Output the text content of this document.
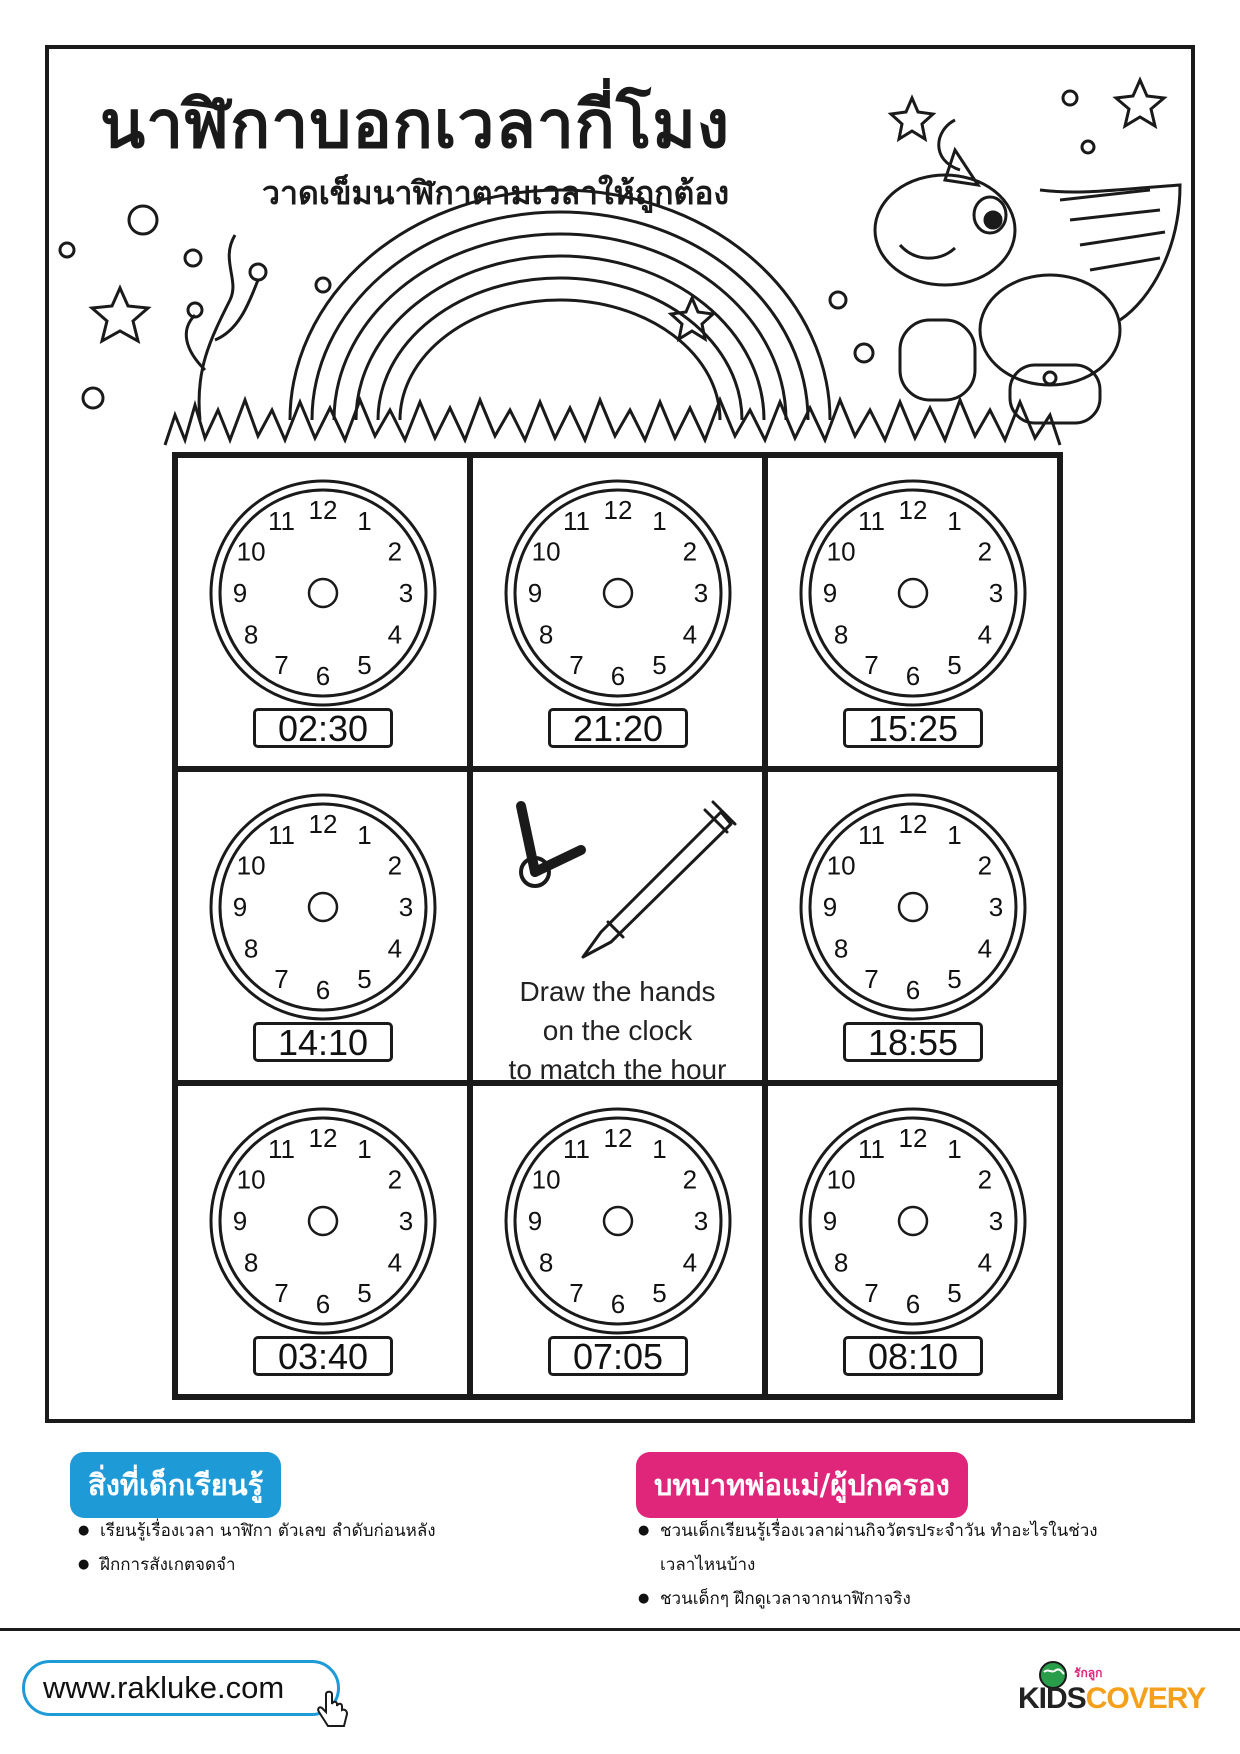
นาฬิกาบอกเวลากี่โมง
วาดเข็มนาฬิกาตามเวลาให้ถูกต้อง
12 1
2
3
4
5
6
7
8
9
10
11
02:30
12 1
2
3
4
5
6
7
8
9
10
11
21:20
12 1
2
3
4
5
6
7
8
9
10
11
15:25
12 1
2
3
4
5
6
7
8
9
10
11
14:10
Draw the hands
on the clock
to match the hour
12 1
2
3
4
5
6
7
8
9
10
11
18:55
12 1
2
3
4
5
6
7
8
9
10
11
03:40
12 1
2
3
4
5
6
7
8
9
10
11
07:05
12 1
2
3
4
5
6
7
8
9
10
11
08:10
สิ่งที่เด็กเรียนรู้
● เรียนรู้เรื่องเวลา นาฬิกา ตัวเลข ลำดับก่อนหลัง
● ฝึกการสังเกตจดจำ
บทบาทพ่อแม่/ผู้ปกครอง
● ชวนเด็กเรียนรู้เรื่องเวลาผ่านกิจวัตรประจำวัน ทำอะไรในช่วงเวลาไหนบ้าง
● ชวนเด็กๆ ฝึกดูเวลาจากนาฬิกาจริง
www.rakluke.com	รักลูก
KIDSCOVERY
